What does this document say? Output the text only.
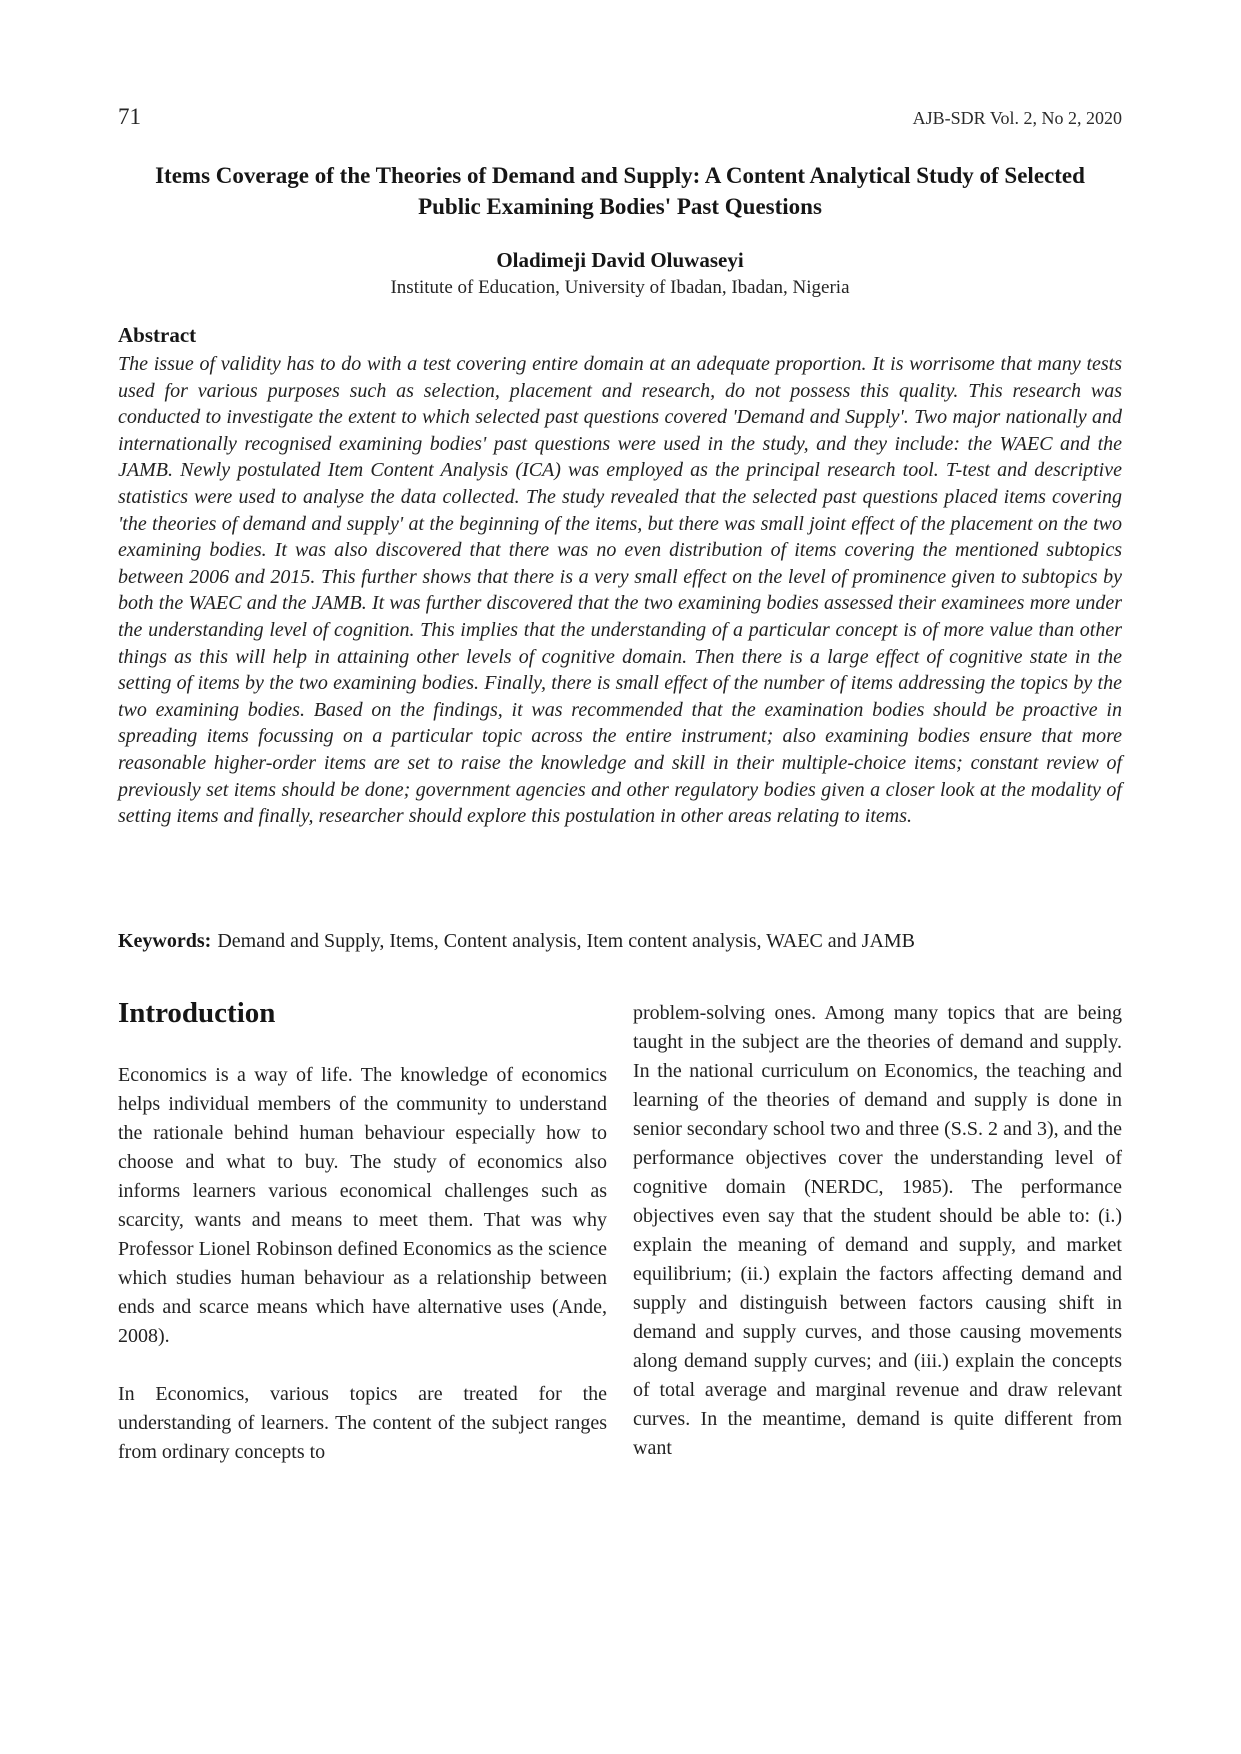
71	AJB-SDR Vol. 2, No 2, 2020
Items Coverage of the Theories of Demand and Supply: A Content Analytical Study of Selected Public Examining Bodies' Past Questions
Oladimeji David Oluwaseyi
Institute of Education, University of Ibadan, Ibadan, Nigeria
Abstract

The issue of validity has to do with a test covering entire domain at an adequate proportion. It is worrisome that many tests used for various purposes such as selection, placement and research, do not possess this quality. This research was conducted to investigate the extent to which selected past questions covered 'Demand and Supply'. Two major nationally and internationally recognised examining bodies' past questions were used in the study, and they include: the WAEC and the JAMB. Newly postulated Item Content Analysis (ICA) was employed as the principal research tool. T-test and descriptive statistics were used to analyse the data collected. The study revealed that the selected past questions placed items covering 'the theories of demand and supply' at the beginning of the items, but there was small joint effect of the placement on the two examining bodies. It was also discovered that there was no even distribution of items covering the mentioned subtopics between 2006 and 2015. This further shows that there is a very small effect on the level of prominence given to subtopics by both the WAEC and the JAMB. It was further discovered that the two examining bodies assessed their examinees more under the understanding level of cognition. This implies that the understanding of a particular concept is of more value than other things as this will help in attaining other levels of cognitive domain. Then there is a large effect of cognitive state in the setting of items by the two examining bodies. Finally, there is small effect of the number of items addressing the topics by the two examining bodies. Based on the findings, it was recommended that the examination bodies should be proactive in spreading items focussing on a particular topic across the entire instrument; also examining bodies ensure that more reasonable higher-order items are set to raise the knowledge and skill in their multiple-choice items; constant review of previously set items should be done; government agencies and other regulatory bodies given a closer look at the modality of setting items and finally, researcher should explore this postulation in other areas relating to items.

Keywords: Demand and Supply, Items, Content analysis, Item content analysis, WAEC and JAMB

Introduction

Economics is a way of life. The knowledge of economics helps individual members of the community to understand the rationale behind human behaviour especially how to choose and what to buy. The study of economics also informs learners various economical challenges such as scarcity, wants and means to meet them. That was why Professor Lionel Robinson defined Economics as the science which studies human behaviour as a relationship between ends and scarce means which have alternative uses (Ande, 2008).

In Economics, various topics are treated for the understanding of learners. The content of the subject ranges from ordinary concepts to

problem-solving ones. Among many topics that are being taught in the subject are the theories of demand and supply. In the national curriculum on Economics, the teaching and learning of the theories of demand and supply is done in senior secondary school two and three (S.S. 2 and 3), and the performance objectives cover the understanding level of cognitive domain (NERDC, 1985). The performance objectives even say that the student should be able to: (i.) explain the meaning of demand and supply, and market equilibrium; (ii.) explain the factors affecting demand and supply and distinguish between factors causing shift in demand and supply curves, and those causing movements along demand supply curves; and (iii.) explain the concepts of total average and marginal revenue and draw relevant curves. In the meantime, demand is quite different from want
